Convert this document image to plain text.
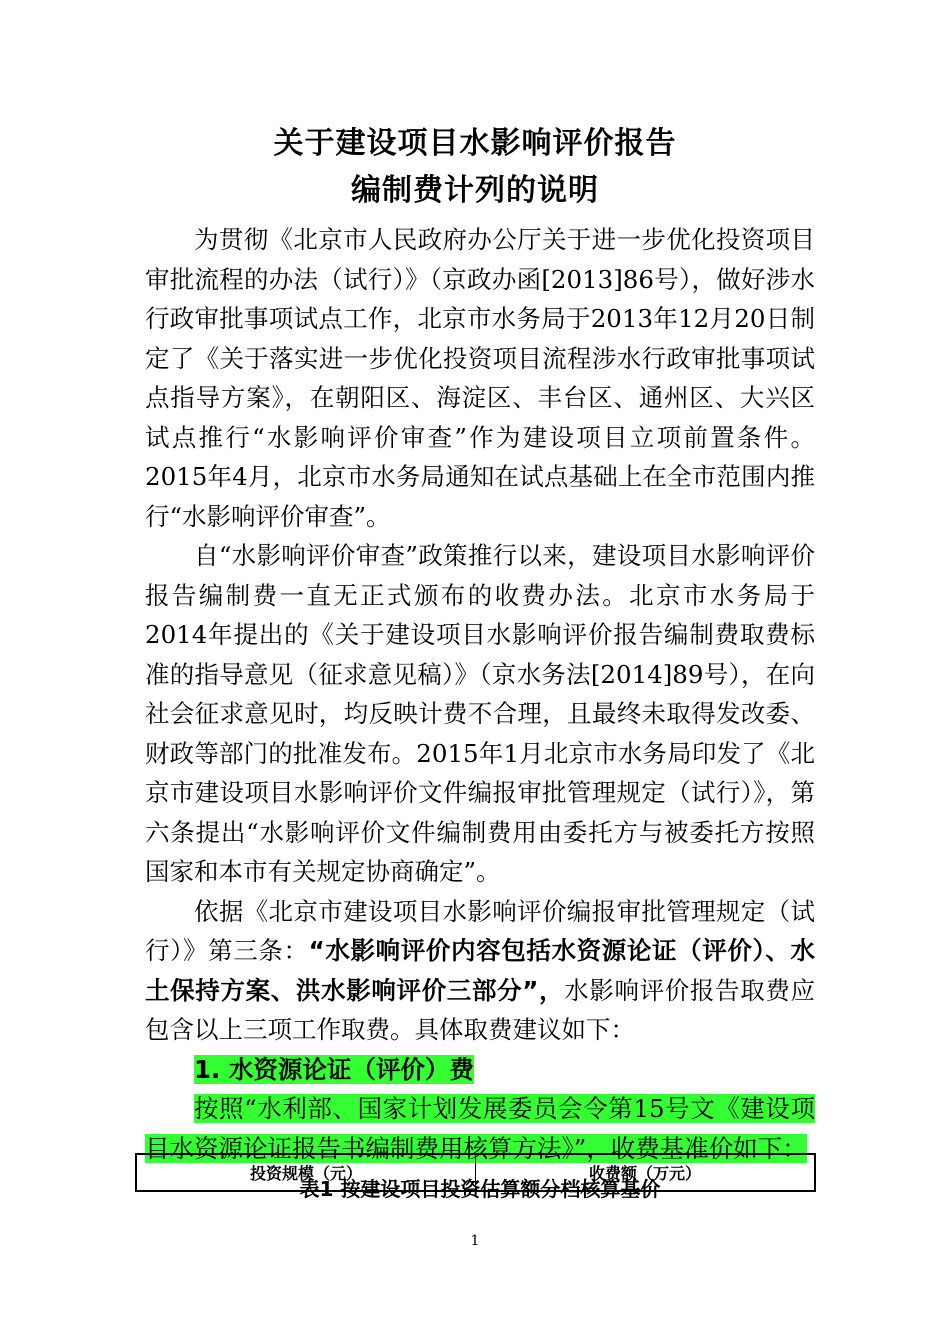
关于建设项目水影响评价报告
编制费计列的说明

为贯彻《北京市人民政府办公厅关于进一步优化投资项目审批流程的办法（试行）》（京政办函[2013]86号），做好涉水行政审批事项试点工作，北京市水务局于2013年12月20日制定了《关于落实进一步优化投资项目流程涉水行政审批事项试点指导方案》，在朝阳区、海淀区、丰台区、通州区、大兴区试点推行“水影响评价审查”作为建设项目立项前置条件。2015年4月，北京市水务局通知在试点基础上在全市范围内推行“水影响评价审查”。

自“水影响评价审查”政策推行以来，建设项目水影响评价报告编制费一直无正式颁布的收费办法。北京市水务局于2014年提出的《关于建设项目水影响评价报告编制费取费标准的指导意见（征求意见稿）》（京水务法[2014]89号），在向社会征求意见时，均反映计费不合理，且最终未取得发改委、财政等部门的批准发布。2015年1月北京市水务局印发了《北京市建设项目水影响评价文件编报审批管理规定（试行）》，第六条提出“水影响评价文件编制费用由委托方与被委托方按照国家和本市有关规定协商确定”。

依据《北京市建设项目水影响评价编报审批管理规定（试行）》第三条：“水影响评价内容包括水资源论证（评价）、水土保持方案、洪水影响评价三部分”，水影响评价报告取费应包含以上三项工作取费。具体取费建议如下：

1. 水资源论证（评价）费

按照“水利部、国家计划发展委员会令第15号文《建设项目水资源论证报告书编制费用核算方法》”，收费基准价如下：

表1 按建设项目投资估算额分档核算基价
投资规模（元）	收费额（万元）
1
